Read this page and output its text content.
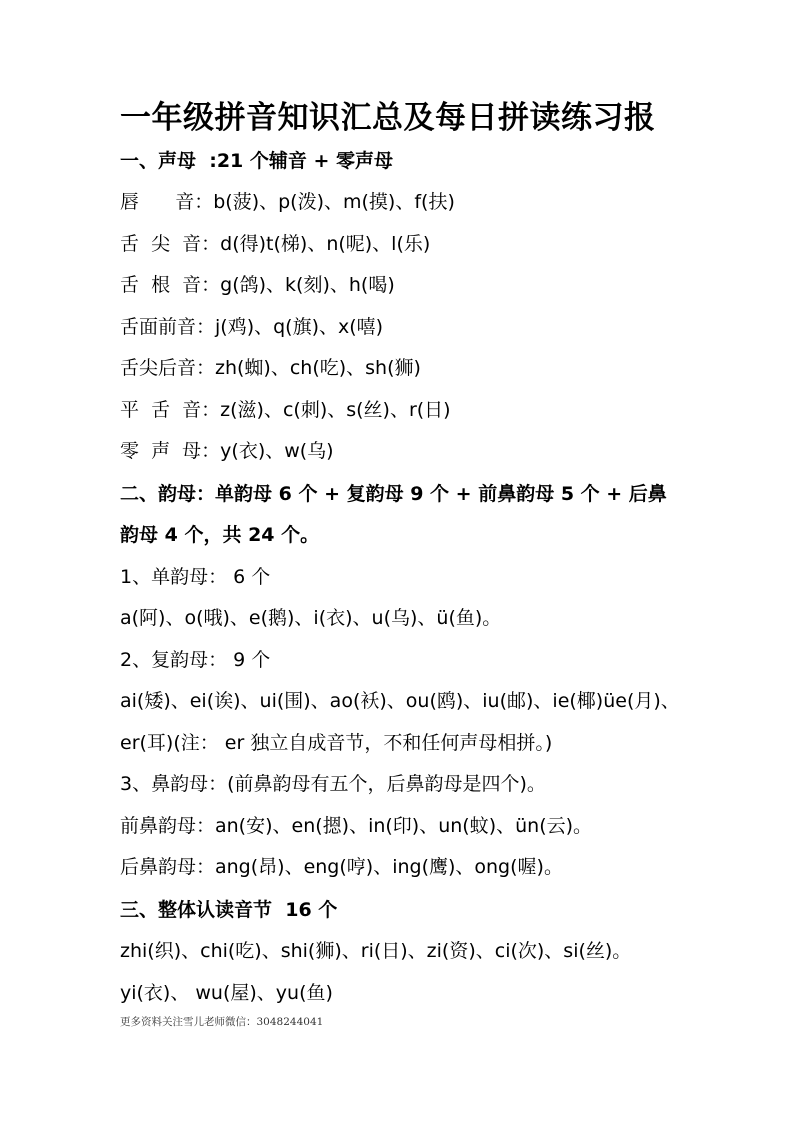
一年级拼音知识汇总及每日拼读练习报
一、声母  :21 个辅音 + 零声母
唇      音：b(菠)、p(泼)、m(摸)、f(扶)
舌  尖  音：d(得)t(梯)、n(呢)、l(乐)
舌  根  音：g(鸽)、k(刻)、h(喝)
舌面前音：j(鸡)、q(旗)、x(嘻)
舌尖后音：zh(蜘)、ch(吃)、sh(狮)
平  舌  音：z(滋)、c(刺)、s(丝)、r(日)
零  声  母：y(衣)、w(乌)
二、韵母：单韵母 6 个 + 复韵母 9 个 + 前鼻韵母 5 个 + 后鼻
韵母 4 个，共 24 个。
1、单韵母： 6 个
a(阿)、o(哦)、e(鹅)、i(衣)、u(乌)、ü(鱼)。
2、复韵母： 9 个
ai(矮)、ei(诶)、ui(围)、ao(袄)、ou(鸥)、iu(邮)、ie(椰)üe(月)、
er(耳)(注： er 独立自成音节，不和任何声母相拼。)
3、鼻韵母：(前鼻韵母有五个，后鼻韵母是四个)。
前鼻韵母：an(安)、en(摁)、in(印)、un(蚊)、ün(云)。
后鼻韵母：ang(昂)、eng(哼)、ing(鹰)、ong(喔)。
三、整体认读音节  16 个
zhi(织)、chi(吃)、shi(狮)、ri(日)、zi(资)、ci(次)、si(丝)。
yi(衣)、 wu(屋)、yu(鱼)
更多资料关注雪儿老师微信：3048244041
